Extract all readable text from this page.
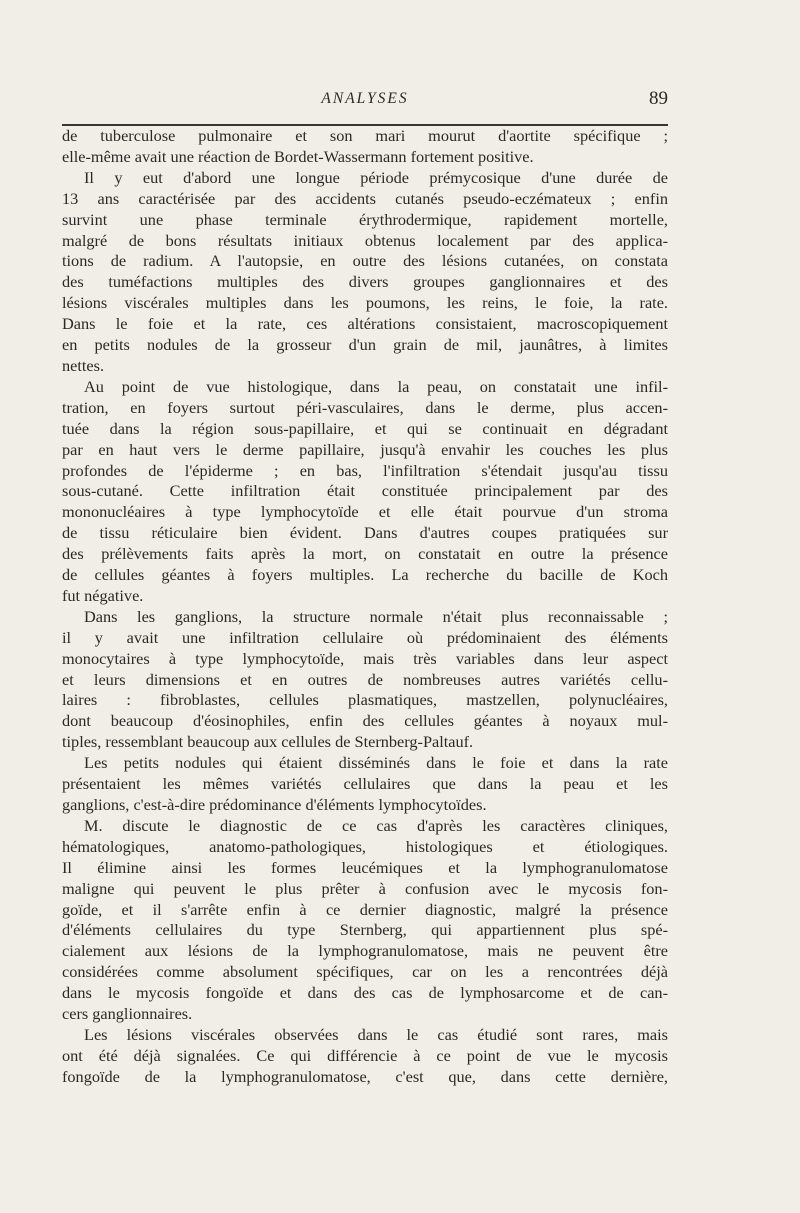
ANALYSES	89
de tuberculose pulmonaire et son mari mourut d'aortite spécifique ;
elle-même avait une réaction de Bordet-Wassermann fortement positive.
Il y eut d'abord une longue période prémycosique d'une durée de
13 ans caractérisée par des accidents cutanés pseudo-eczémateux ; enfin
survint une phase terminale érythrodermique, rapidement mortelle,
malgré de bons résultats initiaux obtenus localement par des applica-
tions de radium. A l'autopsie, en outre des lésions cutanées, on constata
des tuméfactions multiples des divers groupes ganglionnaires et des
lésions viscérales multiples dans les poumons, les reins, le foie, la rate.
Dans le foie et la rate, ces altérations consistaient, macroscopiquement
en petits nodules de la grosseur d'un grain de mil, jaunâtres, à limites
nettes.
Au point de vue histologique, dans la peau, on constatait une infil-
tration, en foyers surtout péri-vasculaires, dans le derme, plus accen-
tuée dans la région sous-papillaire, et qui se continuait en dégradant
par en haut vers le derme papillaire, jusqu'à envahir les couches les plus
profondes de l'épiderme ; en bas, l'infiltration s'étendait jusqu'au tissu
sous-cutané. Cette infiltration était constituée principalement par des
mononucléaires à type lymphocytoïde et elle était pourvue d'un stroma
de tissu réticulaire bien évident. Dans d'autres coupes pratiquées sur
des prélèvements faits après la mort, on constatait en outre la présence
de cellules géantes à foyers multiples. La recherche du bacille de Koch
fut négative.
Dans les ganglions, la structure normale n'était plus reconnaissable ;
il y avait une infiltration cellulaire où prédominaient des éléments
monocytaires à type lymphocytoïde, mais très variables dans leur aspect
et leurs dimensions et en outres de nombreuses autres variétés cellu-
laires : fibroblastes, cellules plasmatiques, mastzellen, polynucléaires,
dont beaucoup d'éosinophiles, enfin des cellules géantes à noyaux mul-
tiples, ressemblant beaucoup aux cellules de Sternberg-Paltauf.
Les petits nodules qui étaient disséminés dans le foie et dans la rate
présentaient les mêmes variétés cellulaires que dans la peau et les
ganglions, c'est-à-dire prédominance d'éléments lymphocytoïdes.
M. discute le diagnostic de ce cas d'après les caractères cliniques,
hématologiques, anatomo-pathologiques, histologiques et étiologiques.
Il élimine ainsi les formes leucémiques et la lymphogranulomatose
maligne qui peuvent le plus prêter à confusion avec le mycosis fon-
goïde, et il s'arrête enfin à ce dernier diagnostic, malgré la présence
d'éléments cellulaires du type Sternberg, qui appartiennent plus spé-
cialement aux lésions de la lymphogranulomatose, mais ne peuvent être
considérées comme absolument spécifiques, car on les a rencontrées déjà
dans le mycosis fongoïde et dans des cas de lymphosarcome et de can-
cers ganglionnaires.
Les lésions viscérales observées dans le cas étudié sont rares, mais
ont été déjà signalées. Ce qui différencie à ce point de vue le mycosis
fongoïde de la lymphogranulomatose, c'est que, dans cette dernière,
